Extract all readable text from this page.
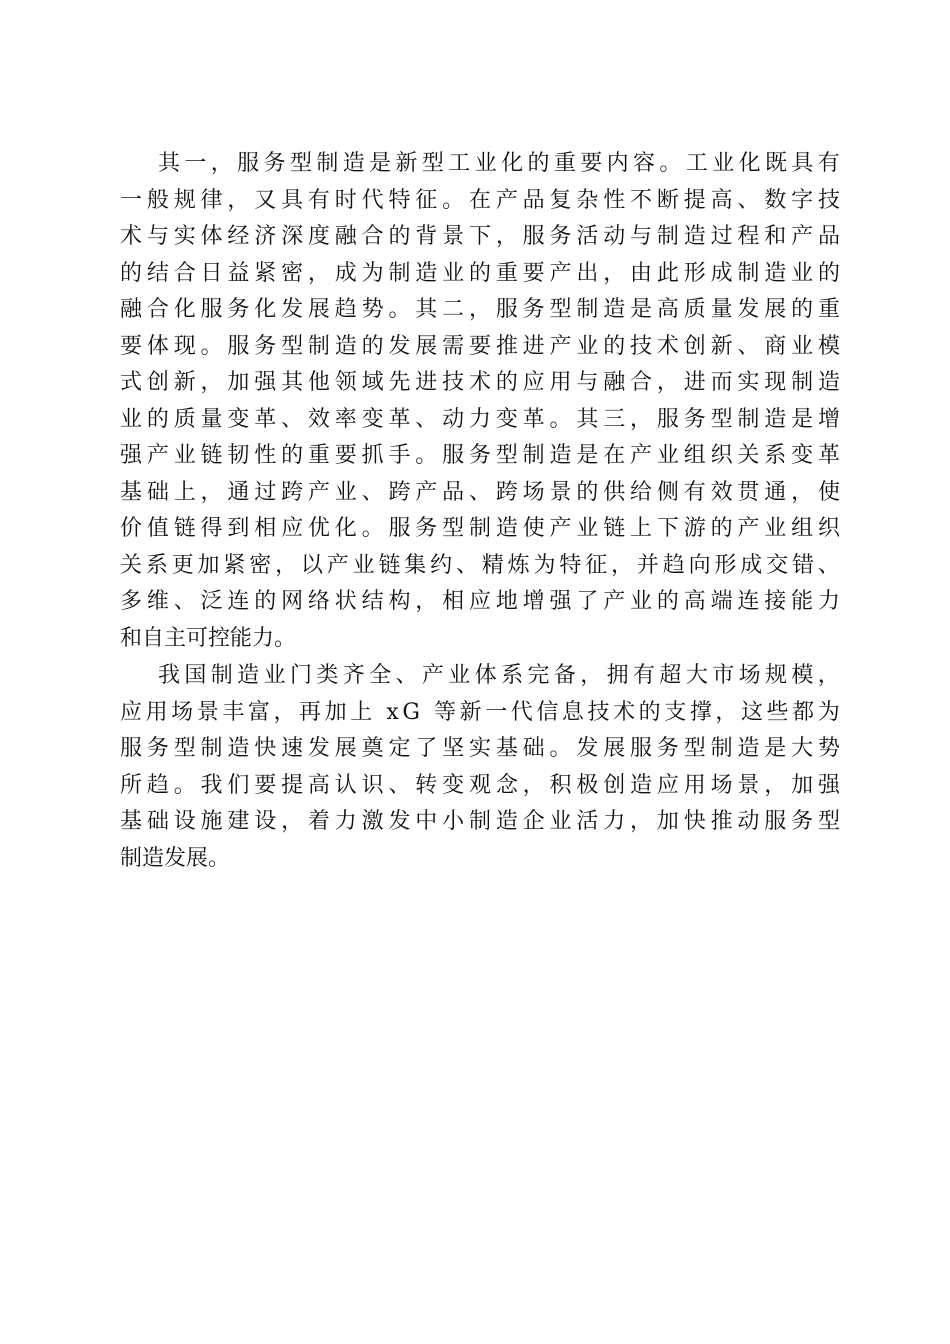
其 一 ， 服 务 型 制 造 是 新 型 工 业 化 的 重 要 内 容 。 工 业 化 既 具 有
一 般 规 律 ， 又 具 有 时 代 特 征 。 在 产 品 复 杂 性 不 断 提 高 、 数 字 技
术 与 实 体 经 济 深 度 融 合 的 背 景 下 ， 服 务 活 动 与 制 造 过 程 和 产 品
的 结 合 日 益 紧 密 ， 成 为 制 造 业 的 重 要 产 出 ， 由 此 形 成 制 造 业 的
融 合 化 服 务 化 发 展 趋 势 。 其 二 ， 服 务 型 制 造 是 高 质 量 发 展 的 重
要 体 现 。 服 务 型 制 造 的 发 展 需 要 推 进 产 业 的 技 术 创 新 、 商 业 模
式 创 新 ， 加 强 其 他 领 域 先 进 技 术 的 应 用 与 融 合 ， 进 而 实 现 制 造
业 的 质 量 变 革 、 效 率 变 革 、 动 力 变 革 。 其 三 ， 服 务 型 制 造 是 增
强 产 业 链 韧 性 的 重 要 抓 手 。 服 务 型 制 造 是 在 产 业 组 织 关 系 变 革
基 础 上 ， 通 过 跨 产 业 、 跨 产 品 、 跨 场 景 的 供 给 侧 有 效 贯 通 ， 使
价 值 链 得 到 相 应 优 化 。 服 务 型 制 造 使 产 业 链 上 下 游 的 产 业 组 织
关 系 更 加 紧 密 ， 以 产 业 链 集 约 、 精 炼 为 特 征 ， 并 趋 向 形 成 交 错 、
多 维 、 泛 连 的 网 络 状 结 构 ， 相 应 地 增 强 了 产 业 的 高 端 连 接 能 力
和自主可控能力。
我 国 制 造 业 门 类 齐 全 、 产 业 体 系 完 备 ， 拥 有 超 大 市 场 规 模 ，
应 用 场 景 丰 富 ， 再 加 上
x G
等 新 一 代 信 息 技 术 的 支 撑 ， 这 些 都 为
服 务 型 制 造 快 速 发 展 奠 定 了 坚 实 基 础 。 发 展 服 务 型 制 造 是 大 势
所 趋 。 我 们 要 提 高 认 识 、 转 变 观 念 ， 积 极 创 造 应 用 场 景 ， 加 强
基 础 设 施 建 设 ， 着 力 激 发 中 小 制 造 企 业 活 力 ， 加 快 推 动 服 务 型
制造发展。
